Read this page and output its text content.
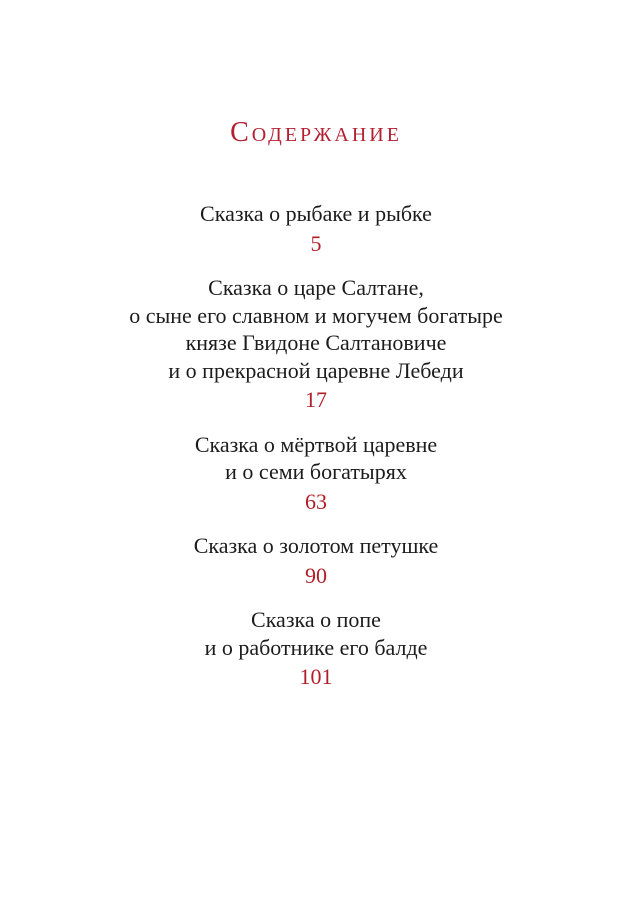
Содержание
Сказка о рыбаке и рыбке
5
Сказка о царе Салтане,
о сыне его славном и могучем богатыре
князе Гвидоне Салтановиче
и о прекрасной царевне Лебеди
17
Сказка о мёртвой царевне
и о семи богатырях
63
Сказка о золотом петушке
90
Сказка о попе
и о работнике его балде
101
